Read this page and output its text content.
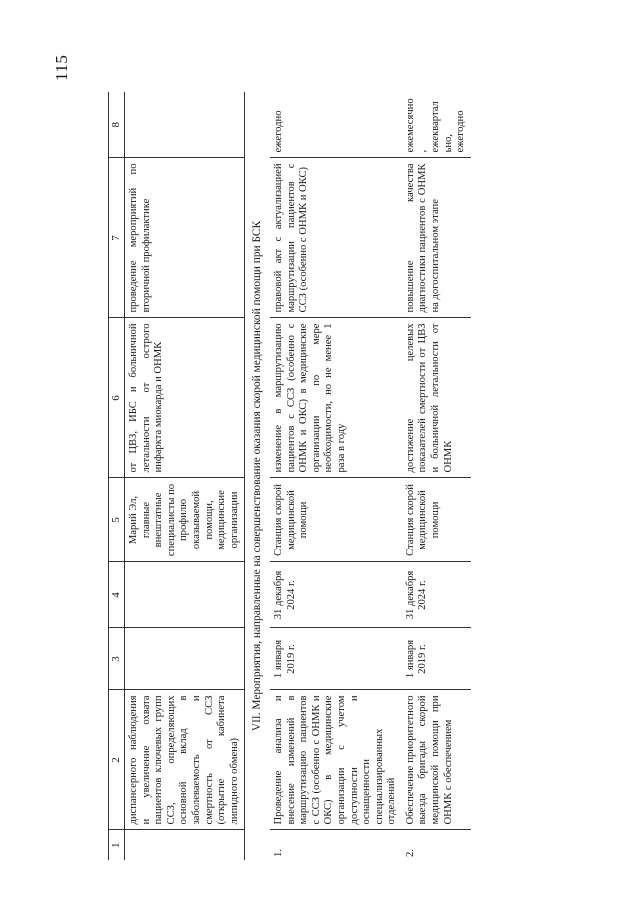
115
1	2	3	4	5	6	7	8
	диспансерного наблюдения и увеличение охвата пациентов ключевых групп ССЗ, определяющих основной вклад в заболеваемость и смертность от ССЗ (открытие кабинета липидного обмена)			Марий Эл, главные внештатные специалисты по профилю оказываемой помощи, медицинские организации	от ЦВЗ, ИБС и больничной летальности от острого инфаркта миокарда и ОНМК	проведение мероприятий по вторичной профилактике	
VII. Мероприятия, направленные на совершенствование оказания скорой медицинской помощи при БСК							
1.	Проведение анализа и внесение изменений в маршрутизацию пациентов с ССЗ (особенно с ОНМК и ОКС) в медицинские организации с учетом доступности и оснащенности специализированных отделений	1 января 2019 г.	31 декабря 2024 г.	Станция скорой медицинской помощи	изменение в маршрутизацию пациентов с ССЗ (особенно с ОНМК и ОКС) в медицинские организации по мере необходимости, но не менее 1 раза в году	правовой акт с актуализацией маршрутизации пациентов с ССЗ (особенно с ОНМК и ОКС)	ежегодно
2.	Обеспечение приоритетного выезда бригады скорой медицинской помощи при ОНМК с обеспечением	1 января 2019 г.	31 декабря 2024 г.	Станция скорой медицинской помощи	достижение целевых показателей смертности от ЦВЗ и больничной летальности от ОНМК	повышение качества диагностики пациентов с ОНМК на догоспитальном этапе	ежемесячно, ежеквартально, ежегодно
